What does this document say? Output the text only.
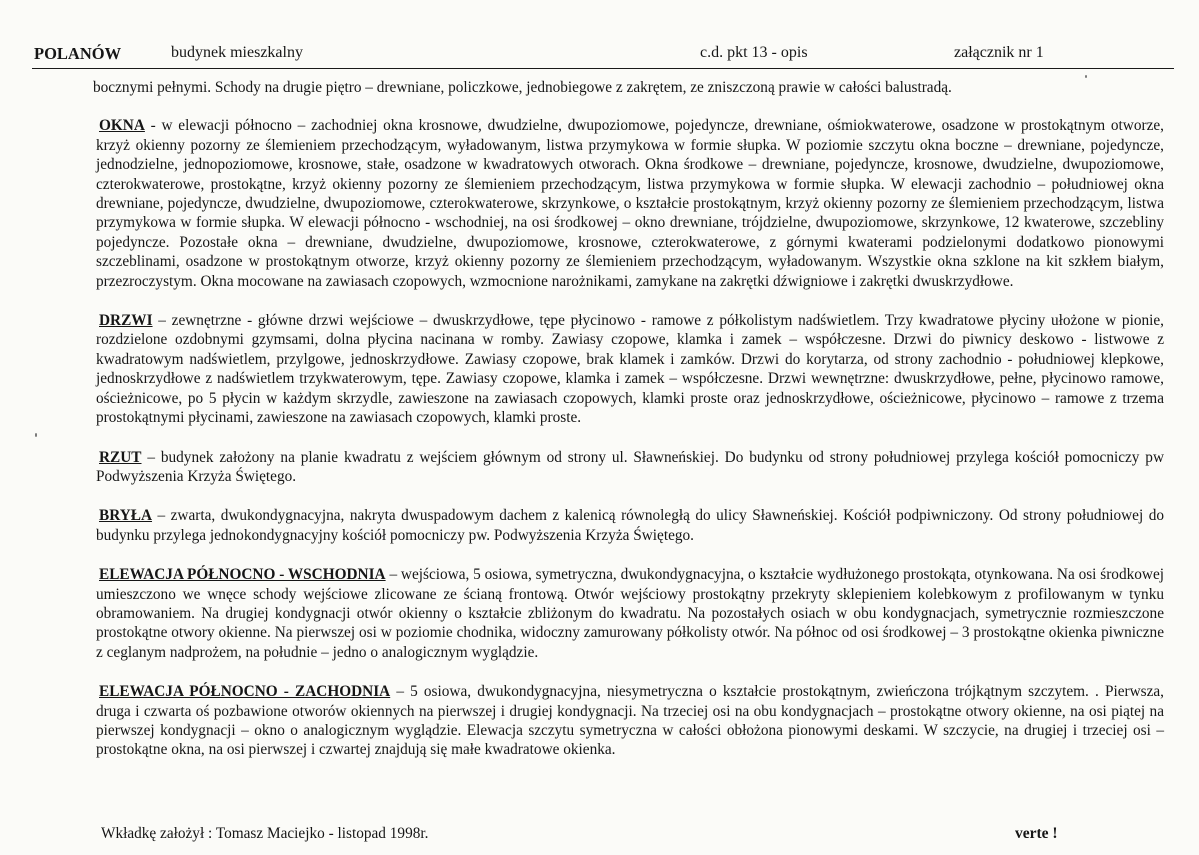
POLANÓW	budynek mieszkalny	c.d. pkt 13 - opis	załącznik nr 1

bocznymi pełnymi. Schody na drugie piętro – drewniane, policzkowe, jednobiegowe z zakrętem, ze zniszczoną prawie w całości balustradą.

OKNA - w elewacji północno – zachodniej okna krosnowe, dwudzielne, dwupoziomowe, pojedyncze, drewniane, ośmiokwaterowe, osadzone w prostokątnym otworze, krzyż okienny pozorny ze ślemieniem przechodzącym, wyładowanym, listwa przymykowa w formie słupka. W poziomie szczytu okna boczne – drewniane, pojedyncze, jednodzielne, jednopoziomowe, krosnowe, stałe, osadzone w kwadratowych otworach. Okna środkowe – drewniane, pojedyncze, krosnowe, dwudzielne, dwupoziomowe, czterokwaterowe, prostokątne, krzyż okienny pozorny ze ślemieniem przechodzącym, listwa przymykowa w formie słupka. W elewacji zachodnio – południowej okna drewniane, pojedyncze, dwudzielne, dwupoziomowe, czterokwaterowe, skrzynkowe, o kształcie prostokątnym, krzyż okienny pozorny ze ślemieniem przechodzącym, listwa przymykowa w formie słupka. W elewacji północno - wschodniej, na osi środkowej – okno drewniane, trójdzielne, dwupoziomowe, skrzynkowe, 12 kwaterowe, szczebliny pojedyncze. Pozostałe okna – drewniane, dwudzielne, dwupoziomowe, krosnowe, czterokwaterowe, z górnymi kwaterami podzielonymi dodatkowo pionowymi szczeblinami, osadzone w prostokątnym otworze, krzyż okienny pozorny ze ślemieniem przechodzącym, wyładowanym. Wszystkie okna szklone na kit szkłem białym, przezroczystym. Okna mocowane na zawiasach czopowych, wzmocnione narożnikami, zamykane na zakrętki dźwigniowe i zakrętki dwuskrzydłowe.

DRZWI – zewnętrzne - główne drzwi wejściowe – dwuskrzydłowe, tępe płycinowo - ramowe z półkolistym nadświetlem. Trzy kwadratowe płyciny ułożone w pionie, rozdzielone ozdobnymi gzymsami, dolna płycina nacinana w romby. Zawiasy czopowe, klamka i zamek – współczesne. Drzwi do piwnicy deskowo - listwowe z kwadratowym nadświetlem, przylgowe, jednoskrzydłowe. Zawiasy czopowe, brak klamek i zamków. Drzwi do korytarza, od strony zachodnio - południowej klepkowe, jednoskrzydłowe z nadświetlem trzykwaterowym, tępe. Zawiasy czopowe, klamka i zamek – współczesne. Drzwi wewnętrzne: dwuskrzydłowe, pełne, płycinowo ramowe, ościeżnicowe, po 5 płycin w każdym skrzydle, zawieszone na zawiasach czopowych, klamki proste oraz jednoskrzydłowe, ościeżnicowe, płycinowo – ramowe z trzema prostokątnymi płycinami, zawieszone na zawiasach czopowych, klamki proste.

RZUT – budynek założony na planie kwadratu z wejściem głównym od strony ul. Sławneńskiej. Do budynku od strony południowej przylega kościół pomocniczy pw Podwyższenia Krzyża Świętego.

BRYŁA – zwarta, dwukondygnacyjna, nakryta dwuspadowym dachem z kalenicą równoległą do ulicy Sławneńskiej. Kościół podpiwniczony. Od strony południowej do budynku przylega jednokondygnacyjny kościół pomocniczy pw. Podwyższenia Krzyża Świętego.

ELEWACJA PÓŁNOCNO - WSCHODNIA – wejściowa, 5 osiowa, symetryczna, dwukondygnacyjna, o kształcie wydłużonego prostokąta, otynkowana. Na osi środkowej umieszczono we wnęce schody wejściowe zlicowane ze ścianą frontową. Otwór wejściowy prostokątny przekryty sklepieniem kolebkowym z profilowanym w tynku obramowaniem. Na drugiej kondygnacji otwór okienny o kształcie zbliżonym do kwadratu. Na pozostałych osiach w obu kondygnacjach, symetrycznie rozmieszczone prostokątne otwory okienne. Na pierwszej osi w poziomie chodnika, widoczny zamurowany półkolisty otwór. Na północ od osi środkowej – 3 prostokątne okienka piwniczne z ceglanym nadprożem, na południe – jedno o analogicznym wyglądzie.

ELEWACJA PÓŁNOCNO - ZACHODNIA – 5 osiowa, dwukondygnacyjna, niesymetryczna o kształcie prostokątnym, zwieńczona trójkątnym szczytem. . Pierwsza, druga i czwarta oś pozbawione otworów okiennych na pierwszej i drugiej kondygnacji. Na trzeciej osi na obu kondygnacjach – prostokątne otwory okienne, na osi piątej na pierwszej kondygnacji – okno o analogicznym wyglądzie. Elewacja szczytu symetryczna w całości obłożona pionowymi deskami. W szczycie, na drugiej i trzeciej osi – prostokątne okna, na osi pierwszej i czwartej znajdują się małe kwadratowe okienka.

Wkładkę założył : Tomasz Maciejko - listopad 1998r.	verte !
